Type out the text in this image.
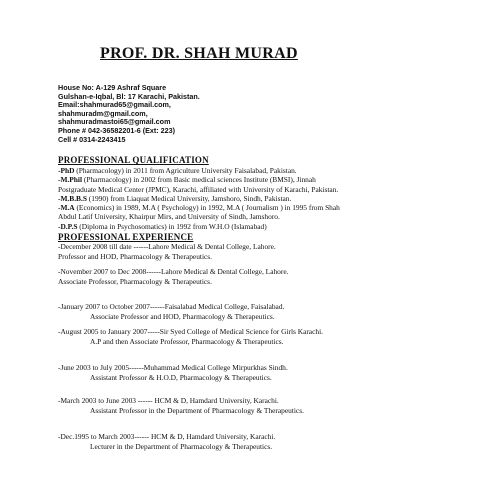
PROF. DR. SHAH MURAD
House No: A-129 Ashraf Square
Gulshan-e-Iqbal, Bl: 17 Karachi, Pakistan.
Email:shahmurad65@gmail.com,
shahmuradm@gmail.com,
shahmuradmastoi65@gmail.com
Phone # 042-36582201-6 (Ext: 223)
Cell # 0314-2243415
PROFESSIONAL QUALIFICATION
-PhD (Pharmacology) in 2011 from Agriculture University Faisalabad, Pakistan.
-M.Phil (Pharmacology) in 2002 from Basic medical sciences Institute (BMSI), Jinnah
Postgraduate Medical Center (JPMC), Karachi, affiliated with University of Karachi, Pakistan.
-M.B.B.S (1990) from Liaquat Medical University, Jamshoro, Sindh, Pakistan.
-M.A (Economics) in 1989, M.A ( Psychology) in 1992, M.A ( Journalism ) in 1995 from Shah
Abdul Latif University, Khairpur Mirs, and University of Sindh, Jamshoro.
-D.P.S (Diploma in Psychosomatics) in 1992 from W.H.O (Islamabad)
PROFESSIONAL EXPERIENCE
-December 2008 till date ------Lahore Medical & Dental College, Lahore.
Professor and HOD, Pharmacology & Therapeutics.
-November 2007 to Dec 2008------Lahore Medical & Dental College, Lahore.
Associate Professor, Pharmacology & Therapeutics.
-January 2007 to October 2007------Faisalabad Medical College, Faisalabad.
Associate Professor and HOD, Pharmacology & Therapeutics.
-August 2005 to January 2007-----Sir Syed College of Medical Science for Girls Karachi.
A.P and then Associate Professor, Pharmacology & Therapeutics.
-June 2003 to July 2005------Muhammad Medical College Mirpurkhas Sindh.
Assistant Professor & H.O.D, Pharmacology & Therapeutics.
-March 2003 to June 2003 ------ HCM & D, Hamdard University, Karachi.
Assistant Professor in the Department of Pharmacology & Therapeutics.
-Dec.1995 to March 2003------ HCM & D, Hamdard University, Karachi.
Lecturer in the Department of Pharmacology & Therapeutics.
